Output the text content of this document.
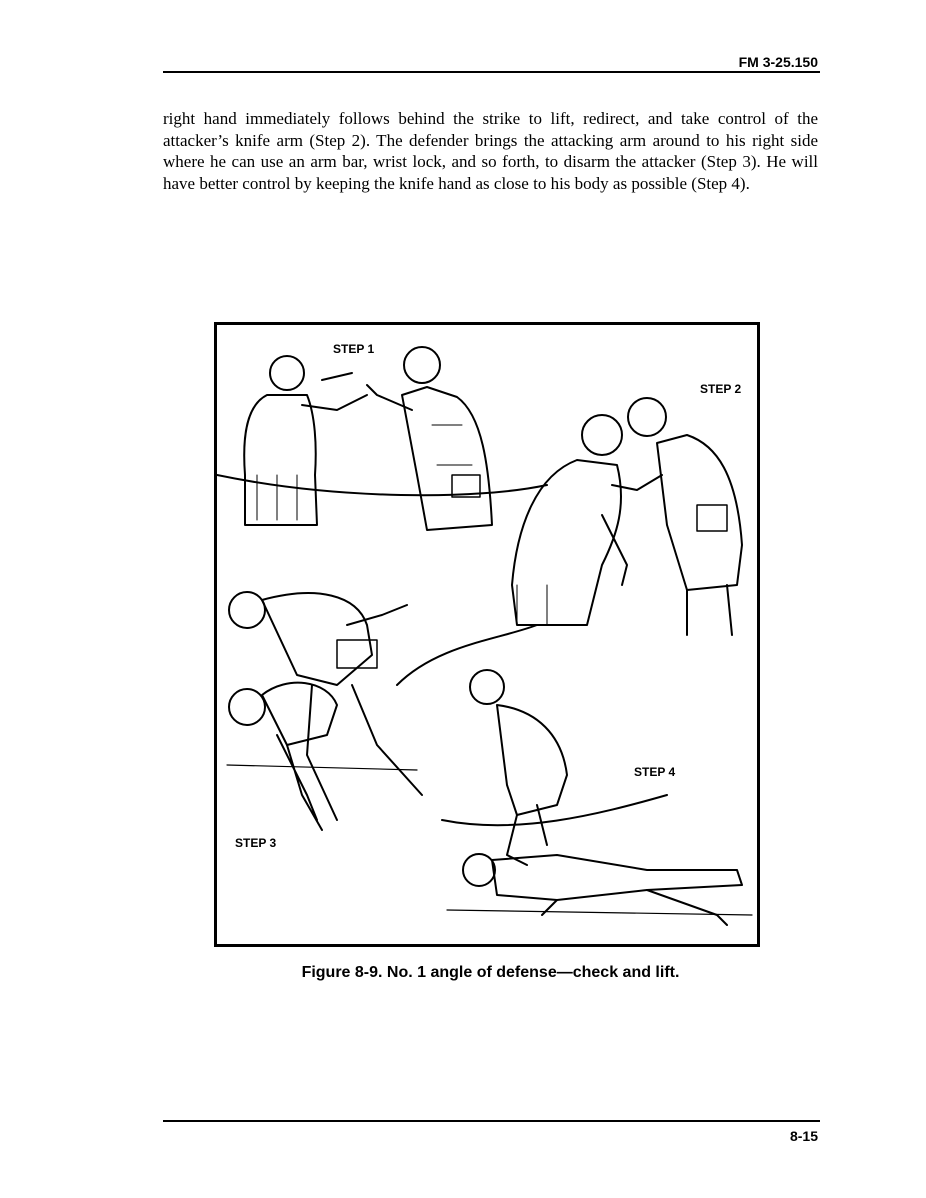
FM 3-25.150

right hand immediately follows behind the strike to lift, redirect, and take control of the attacker’s knife arm (Step 2). The defender brings the attacking arm around to his right side where he can use an arm bar, wrist lock, and so forth, to disarm the attacker (Step 3). He will have better control by keeping the knife hand as close to his body as possible (Step 4).

STEP 1
STEP 2
STEP 3
STEP 4
Figure 8-9. No. 1 angle of defense—check and lift.
8-15
